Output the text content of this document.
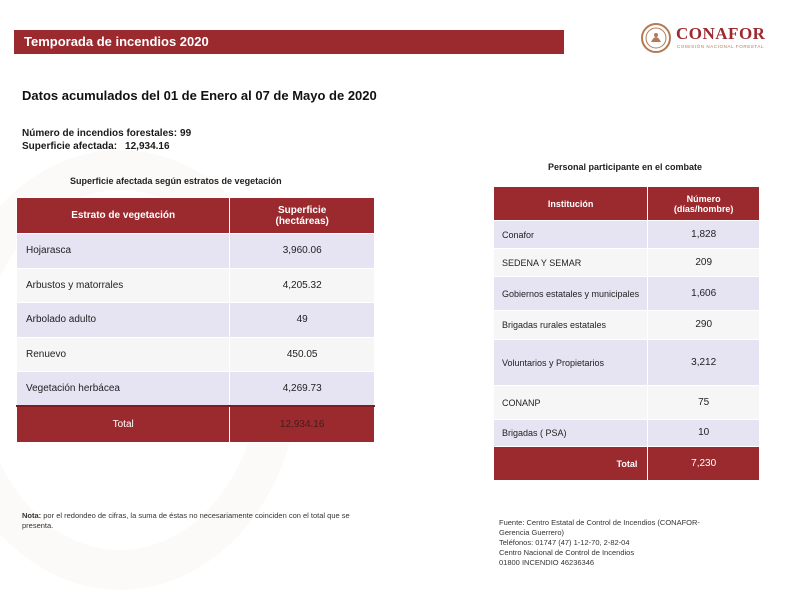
Temporada de incendios 2020	CONAFOR
COMISIÓN NACIONAL FORESTAL
Datos acumulados del 01 de Enero al 07 de Mayo de 2020
Número de incendios forestales: 99
Superficie afectada: 12,934.16
Superficie afectada según estratos de vegetación
Personal participante en el combate
Estrato de vegetación	Superficie
(hectáreas)
Hojarasca	3,960.06
Arbustos y matorrales	4,205.32
Arbolado adulto	49
Renuevo	450.05
Vegetación herbácea	4,269.73
Total	12,934.16
Institución	Número
(días/hombre)
Conafor	1,828
SEDENA Y SEMAR	209
Gobiernos estatales y municipales	1,606
Brigadas rurales estatales	290
Voluntarios y Propietarios	3,212
CONANP	75
Brigadas ( PSA)	10
Total	7,230
Nota: por el redondeo de cifras, la suma de éstas no necesariamente coinciden con el total que se presenta.	Fuente: Centro Estatal de Control de Incendios (CONAFOR-
Gerencia Guerrero)
Teléfonos: 01747 (47) 1-12-70, 2-82-04
Centro Nacional de Control de Incendios
01800 INCENDIO 46236346
